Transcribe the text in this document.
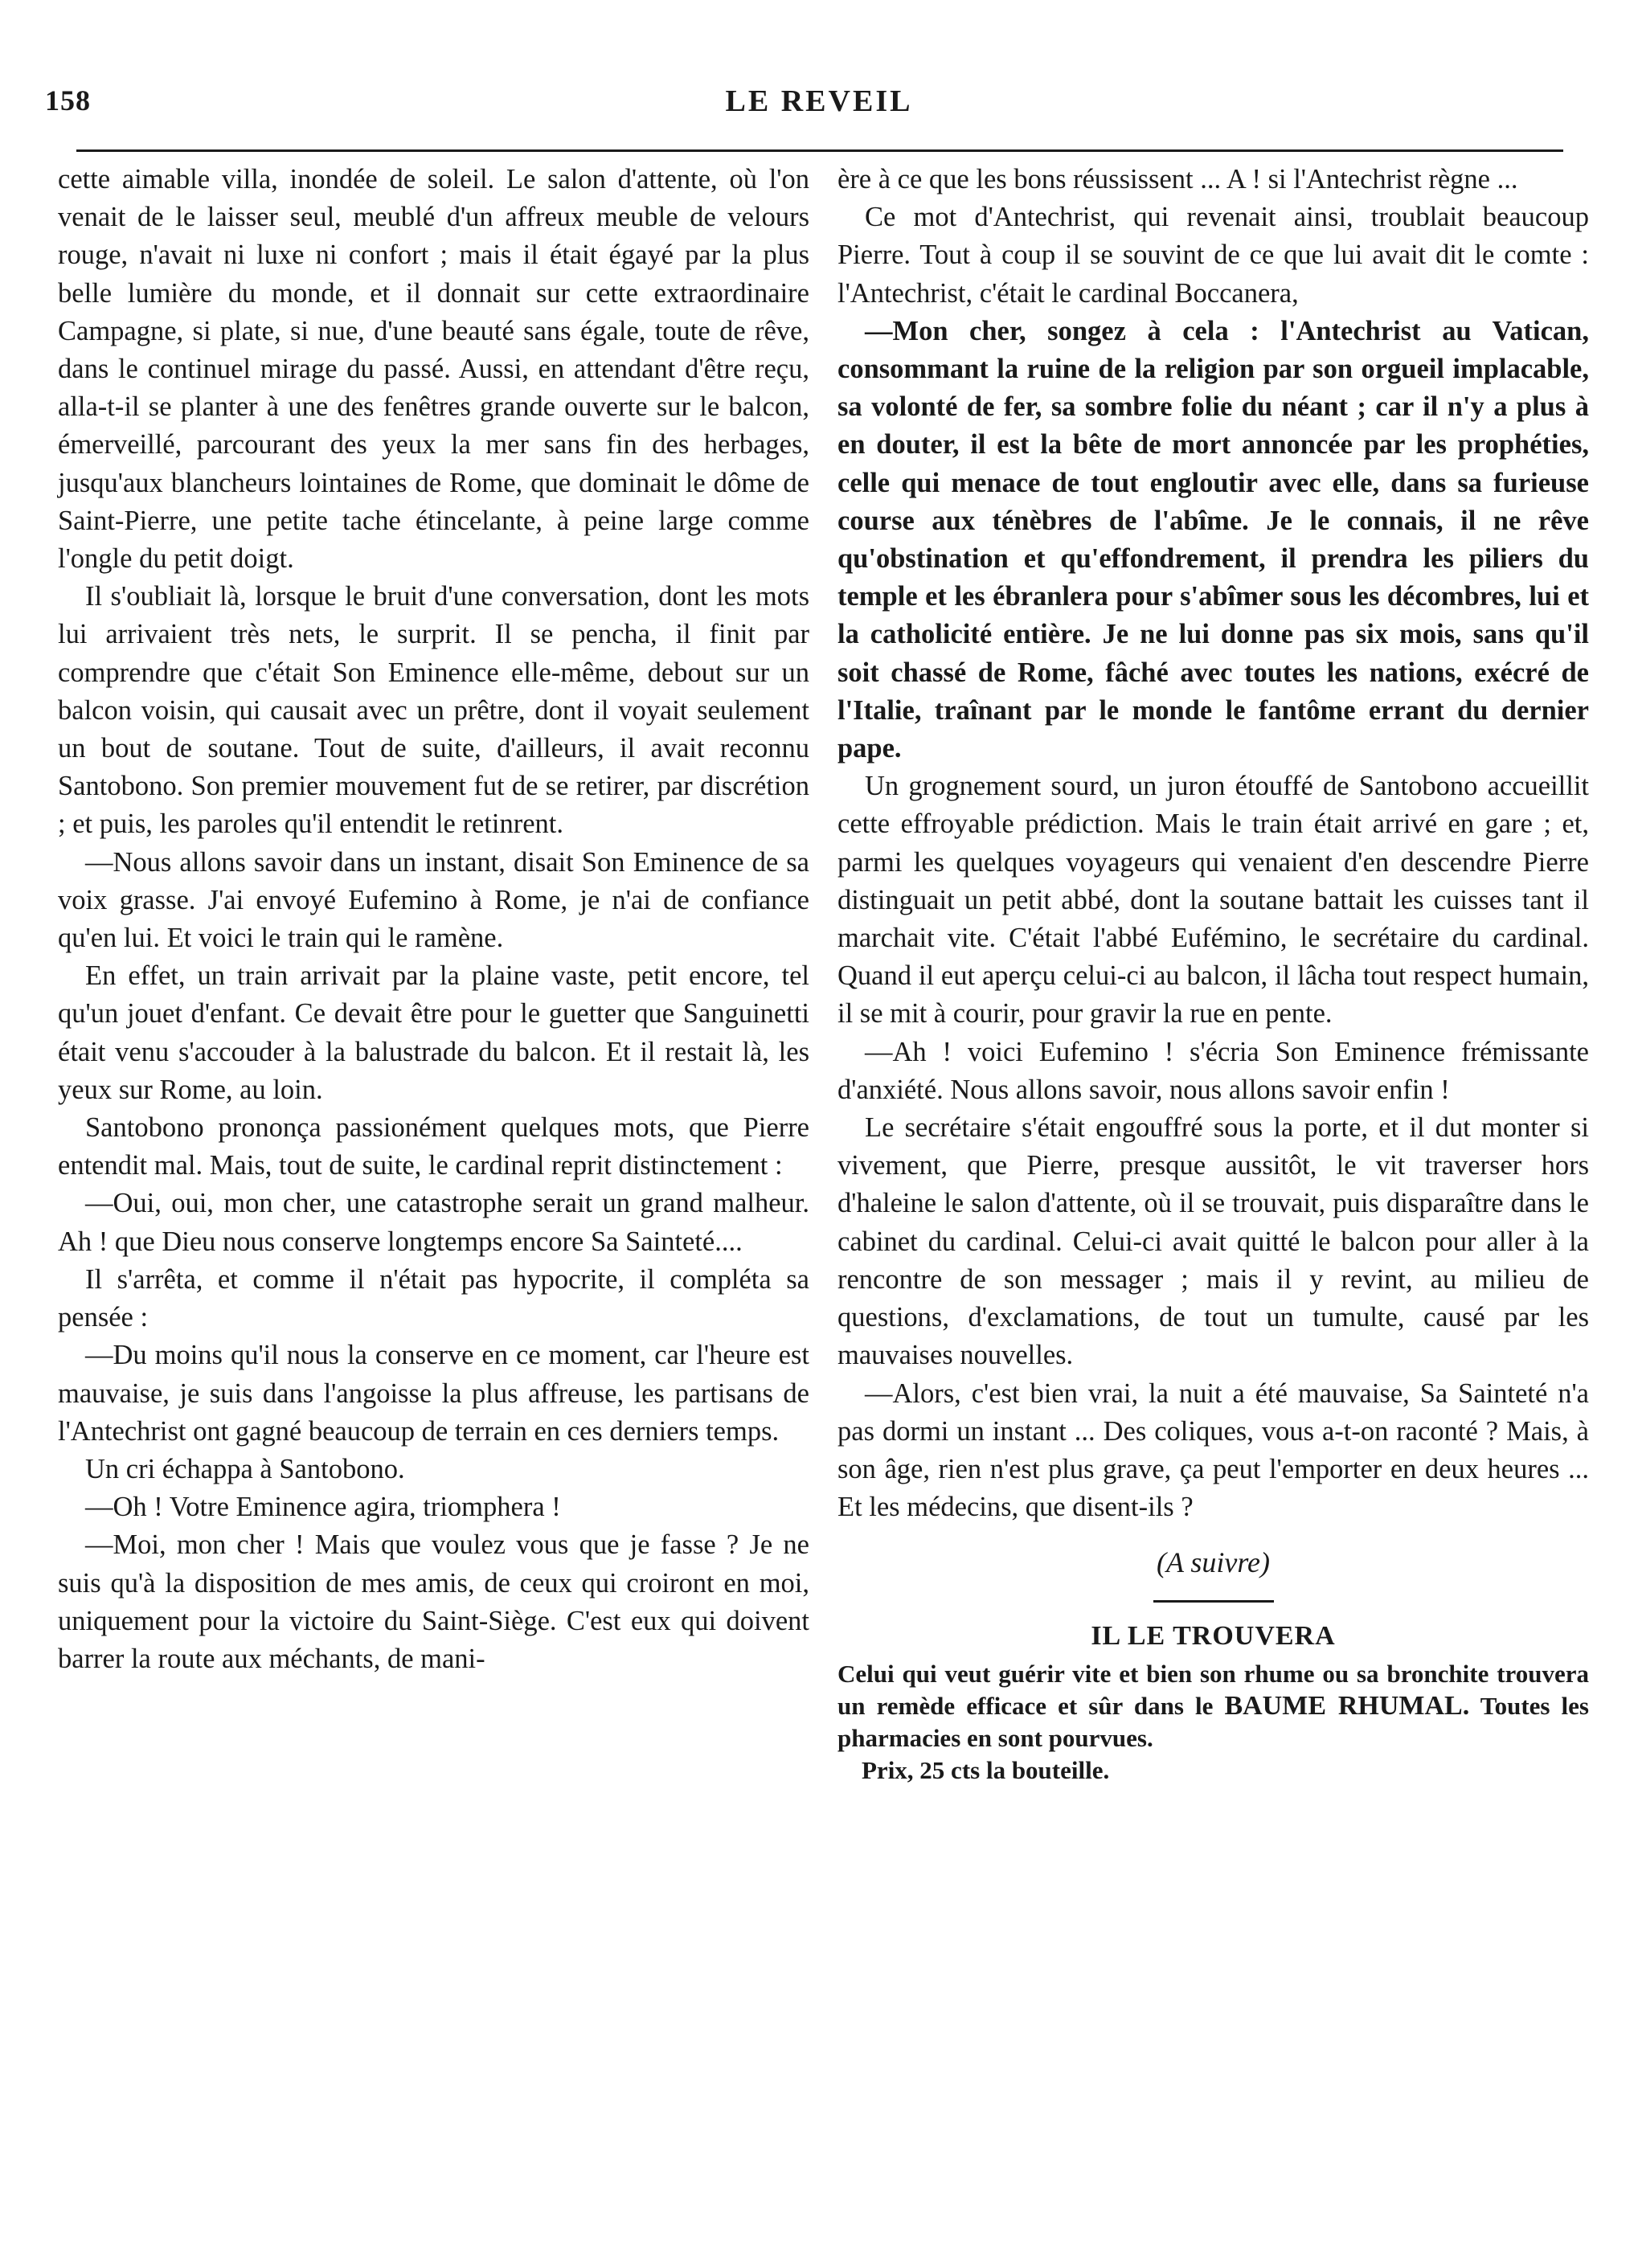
158	LE REVEIL

cette aimable villa, inondée de soleil. Le salon d'attente, où l'on venait de le laisser seul, meublé d'un affreux meuble de velours rouge, n'avait ni luxe ni confort ; mais il était égayé par la plus belle lumière du monde, et il donnait sur cette extraordinaire Campagne, si plate, si nue, d'une beauté sans égale, toute de rêve, dans le continuel mirage du passé. Aussi, en attendant d'être reçu, alla-t-il se planter à une des fenêtres grande ouverte sur le balcon, émerveillé, parcourant des yeux la mer sans fin des herbages, jusqu'aux blancheurs lointaines de Rome, que dominait le dôme de Saint-Pierre, une petite tache étincelante, à peine large comme l'ongle du petit doigt.

Il s'oubliait là, lorsque le bruit d'une conversation, dont les mots lui arrivaient très nets, le surprit. Il se pencha, il finit par comprendre que c'était Son Eminence elle-même, debout sur un balcon voisin, qui causait avec un prêtre, dont il voyait seulement un bout de soutane. Tout de suite, d'ailleurs, il avait reconnu Santobono. Son premier mouvement fut de se retirer, par discrétion ; et puis, les paroles qu'il entendit le retinrent.

—Nous allons savoir dans un instant, disait Son Eminence de sa voix grasse. J'ai envoyé Eufemino à Rome, je n'ai de confiance qu'en lui. Et voici le train qui le ramène.

En effet, un train arrivait par la plaine vaste, petit encore, tel qu'un jouet d'enfant. Ce devait être pour le guetter que Sanguinetti était venu s'accouder à la balustrade du balcon. Et il restait là, les yeux sur Rome, au loin.

Santobono prononça passionément quelques mots, que Pierre entendit mal. Mais, tout de suite, le cardinal reprit distinctement :

—Oui, oui, mon cher, une catastrophe serait un grand malheur. Ah ! que Dieu nous conserve longtemps encore Sa Sainteté....

Il s'arrêta, et comme il n'était pas hypocrite, il compléta sa pensée :

—Du moins qu'il nous la conserve en ce moment, car l'heure est mauvaise, je suis dans l'angoisse la plus affreuse, les partisans de l'Antechrist ont gagné beaucoup de terrain en ces derniers temps.

Un cri échappa à Santobono.

—Oh ! Votre Eminence agira, triomphera !

—Moi, mon cher ! Mais que voulez vous que je fasse ? Je ne suis qu'à la disposition de mes amis, de ceux qui croiront en moi, uniquement pour la victoire du Saint-Siège. C'est eux qui doivent barrer la route aux méchants, de mani-

ère à ce que les bons réussissent ... A ! si l'Antechrist règne ...

Ce mot d'Antechrist, qui revenait ainsi, troublait beaucoup Pierre. Tout à coup il se souvint de ce que lui avait dit le comte : l'Antechrist, c'était le cardinal Boccanera,

—Mon cher, songez à cela : l'Antechrist au Vatican, consommant la ruine de la religion par son orgueil implacable, sa volonté de fer, sa sombre folie du néant ; car il n'y a plus à en douter, il est la bête de mort annoncée par les prophéties, celle qui menace de tout engloutir avec elle, dans sa furieuse course aux ténèbres de l'abîme. Je le connais, il ne rêve qu'obstination et qu'effondrement, il prendra les piliers du temple et les ébranlera pour s'abîmer sous les décombres, lui et la catholicité entière. Je ne lui donne pas six mois, sans qu'il soit chassé de Rome, fâché avec toutes les nations, exécré de l'Italie, traînant par le monde le fantôme errant du dernier pape.

Un grognement sourd, un juron étouffé de Santobono accueillit cette effroyable prédiction. Mais le train était arrivé en gare ; et, parmi les quelques voyageurs qui venaient d'en descendre Pierre distinguait un petit abbé, dont la soutane battait les cuisses tant il marchait vite. C'était l'abbé Eufémino, le secrétaire du cardinal. Quand il eut aperçu celui-ci au balcon, il lâcha tout respect humain, il se mit à courir, pour gravir la rue en pente.

—Ah ! voici Eufemino ! s'écria Son Eminence frémissante d'anxiété. Nous allons savoir, nous allons savoir enfin !

Le secrétaire s'était engouffré sous la porte, et il dut monter si vivement, que Pierre, presque aussitôt, le vit traverser hors d'haleine le salon d'attente, où il se trouvait, puis disparaître dans le cabinet du cardinal. Celui-ci avait quitté le balcon pour aller à la rencontre de son messager ; mais il y revint, au milieu de questions, d'exclamations, de tout un tumulte, causé par les mauvaises nouvelles.

—Alors, c'est bien vrai, la nuit a été mauvaise, Sa Sainteté n'a pas dormi un instant ... Des coliques, vous a-t-on raconté ? Mais, à son âge, rien n'est plus grave, ça peut l'emporter en deux heures ... Et les médecins, que disent-ils ?

(A suivre)
IL LE TROUVERA
Celui qui veut guérir vite et bien son rhume ou sa bronchite trouvera un remède efficace et sûr dans le BAUME RHUMAL. Toutes les pharmacies en sont pourvues.
Prix, 25 cts la bouteille.
